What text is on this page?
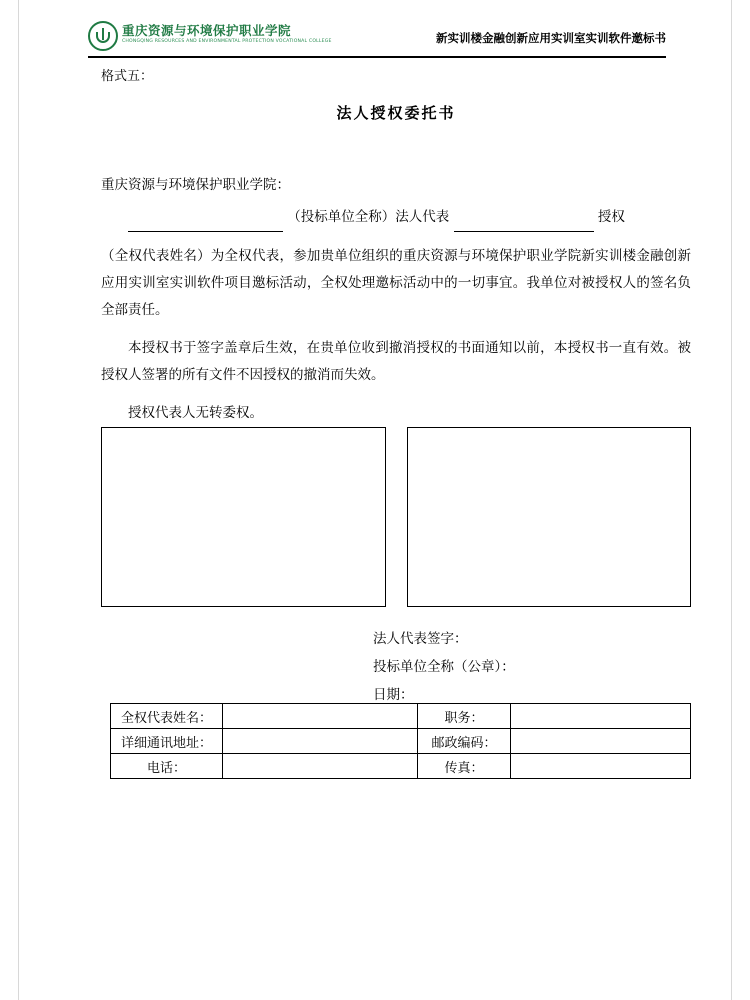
重庆资源与环境保护职业学院
CHONGQING RESOURCES AND ENVIRONMENTAL PROTECTION VOCATIONAL COLLEGE	新实训楼金融创新应用实训室实训软件邀标书
格式五：
法人授权委托书
重庆资源与环境保护职业学院：
（投标单位全称）法人代表	授权
（全权代表姓名）为全权代表，参加贵单位组织的重庆资源与环境保护职业学院新实训楼金融创新应用实训室实训软件项目邀标活动，全权处理邀标活动中的一切事宜。我单位对被授权人的签名负全部责任。
本授权书于签字盖章后生效，在贵单位收到撤消授权的书面通知以前，本授权书一直有效。被授权人签署的所有文件不因授权的撤消而失效。
授权代表人无转委权。
法人代表签字：
投标单位全称（公章）：
日期：
全权代表姓名：		职务：	
详细通讯地址：		邮政编码：	
电话：		传真：	
